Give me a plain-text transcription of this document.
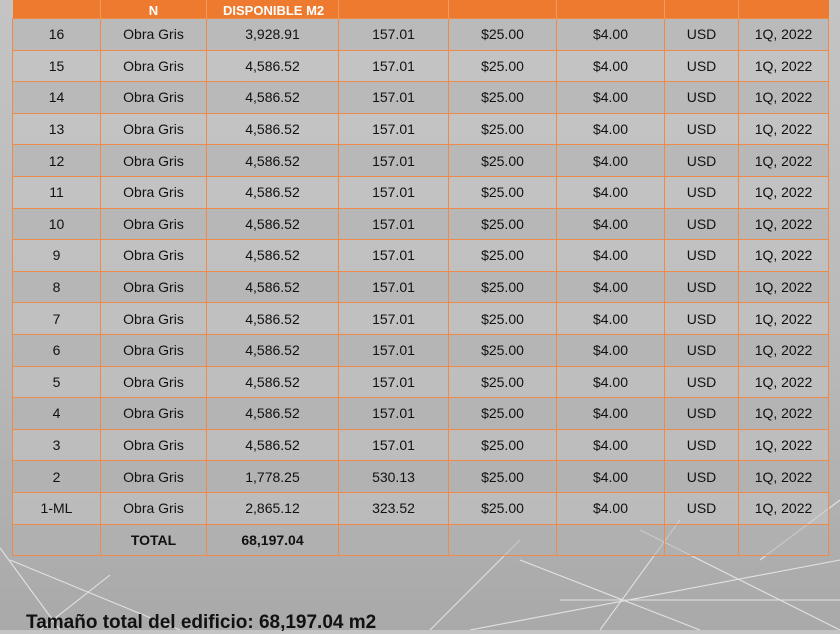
	N	DISPONIBLE M2					
16	Obra Gris	3,928.91	157.01	$25.00	$4.00	USD	1Q, 2022
15	Obra Gris	4,586.52	157.01	$25.00	$4.00	USD	1Q, 2022
14	Obra Gris	4,586.52	157.01	$25.00	$4.00	USD	1Q, 2022
13	Obra Gris	4,586.52	157.01	$25.00	$4.00	USD	1Q, 2022
12	Obra Gris	4,586.52	157.01	$25.00	$4.00	USD	1Q, 2022
11	Obra Gris	4,586.52	157.01	$25.00	$4.00	USD	1Q, 2022
10	Obra Gris	4,586.52	157.01	$25.00	$4.00	USD	1Q, 2022
9	Obra Gris	4,586.52	157.01	$25.00	$4.00	USD	1Q, 2022
8	Obra Gris	4,586.52	157.01	$25.00	$4.00	USD	1Q, 2022
7	Obra Gris	4,586.52	157.01	$25.00	$4.00	USD	1Q, 2022
6	Obra Gris	4,586.52	157.01	$25.00	$4.00	USD	1Q, 2022
5	Obra Gris	4,586.52	157.01	$25.00	$4.00	USD	1Q, 2022
4	Obra Gris	4,586.52	157.01	$25.00	$4.00	USD	1Q, 2022
3	Obra Gris	4,586.52	157.01	$25.00	$4.00	USD	1Q, 2022
2	Obra Gris	1,778.25	530.13	$25.00	$4.00	USD	1Q, 2022
1-ML	Obra Gris	2,865.12	323.52	$25.00	$4.00	USD	1Q, 2022
	TOTAL	68,197.04					
Tamaño total del edificio: 68,197.04 m2
